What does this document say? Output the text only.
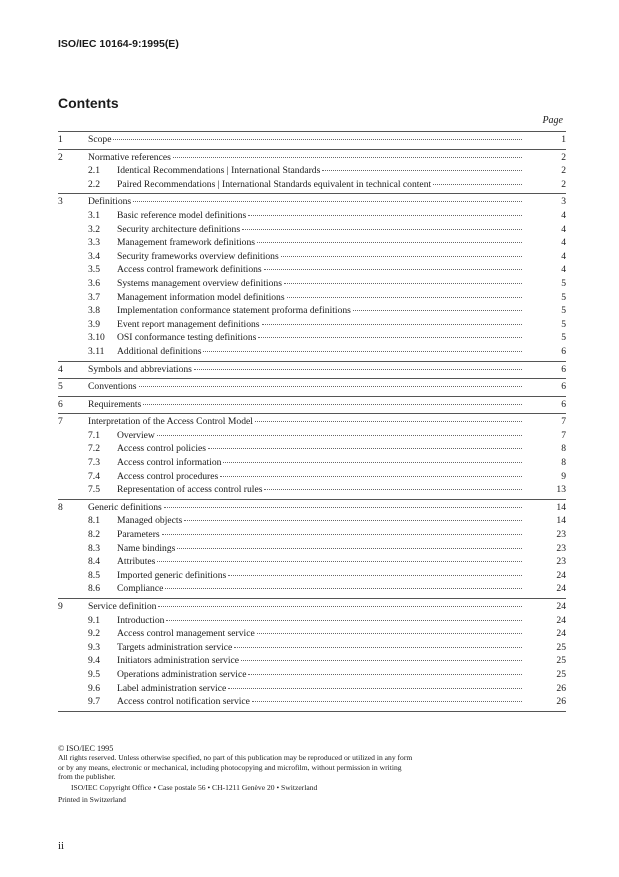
ISO/IEC 10164-9:1995(E)
Contents
Page
1	Scope	1
2	Normative references	2
2.1	Identical Recommendations | International Standards	2
2.2	Paired Recommendations | International Standards equivalent in technical content	2
3	Definitions	3
3.1	Basic reference model definitions	4
3.2	Security architecture definitions	4
3.3	Management framework definitions	4
3.4	Security frameworks overview definitions	4
3.5	Access control framework definitions	4
3.6	Systems management overview definitions	5
3.7	Management information model definitions	5
3.8	Implementation conformance statement proforma definitions	5
3.9	Event report management definitions	5
3.10	OSI conformance testing definitions	5
3.11	Additional definitions	6
4	Symbols and abbreviations	6
5	Conventions	6
6	Requirements	6
7	Interpretation of the Access Control Model	7
7.1	Overview	7
7.2	Access control policies	8
7.3	Access control information	8
7.4	Access control procedures	9
7.5	Representation of access control rules	13
8	Generic definitions	14
8.1	Managed objects	14
8.2	Parameters	23
8.3	Name bindings	23
8.4	Attributes	23
8.5	Imported generic definitions	24
8.6	Compliance	24
9	Service definition	24
9.1	Introduction	24
9.2	Access control management service	24
9.3	Targets administration service	25
9.4	Initiators administration service	25
9.5	Operations administration service	25
9.6	Label administration service	26
9.7	Access control notification service	26
© ISO/IEC 1995
All rights reserved. Unless otherwise specified, no part of this publication may be reproduced or utilized in any form or by any means, electronic or mechanical, including photocopying and microfilm, without permission in writing from the publisher.
ISO/IEC Copyright Office • Case postale 56 • CH-1211 Genève 20 • Switzerland
Printed in Switzerland
ii
